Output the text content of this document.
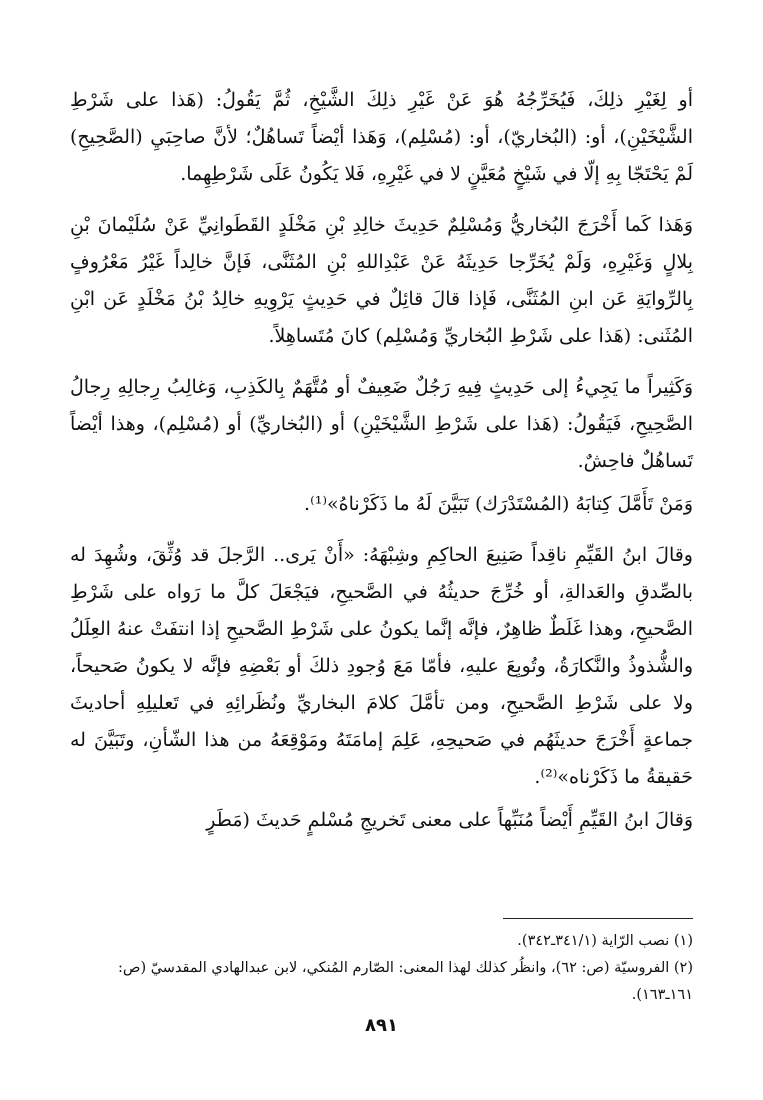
أو لِغَيْرِ ذلِكَ، فَيُخَرِّجُهُ هُوَ عَنْ غَيْرِ ذلِكَ الشَّيْخِ، ثُمَّ يَقُولُ: (هَذا على شَرْطِ الشَّيْخَيْنِ)، أو: (البُخاريّ)، أو: (مُسْلِم)، وَهَذا أيْضاً تَساهُلٌ؛ لأنَّ صاحِبَيِ (الصَّحِيحِ) لَمْ يَحْتَجّا بِهِ إلّا في شَيْخٍ مُعَيَّنٍ لا في غَيْرِهِ، فَلا يَكُونُ عَلَى شَرْطِهِما.

وَهَذا كَما أَخْرَجَ البُخاريُّ وَمُسْلِمٌ حَدِيثَ خالِدِ بْنِ مَخْلَدٍ القَطَوانِيِّ عَنْ سُلَيْمانَ بْنِ بِلالٍ وَغَيْرِهِ، وَلَمْ يُخَرِّجا حَدِيثَهُ عَنْ عَبْدِاللهِ بْنِ المُثَنَّى، فَإنَّ خالِداً غَيْرُ مَعْرُوفٍ بِالرِّوايَةِ عَن ابنِ المُثَنَّى، فَإذا قالَ قائِلٌ في حَدِيثٍ يَرْوِيهِ خالِدُ بْنُ مَخْلَدٍ عَن ابْنِ المُثَنى: (هَذا على شَرْطِ البُخاريِّ وَمُسْلِم) كانَ مُتَساهِلاً.

وَكَثِيراً ما يَجِيءُ إلى حَدِيثٍ فِيهِ رَجُلٌ ضَعِيفٌ أو مُتَّهَمٌ بِالكَذِبِ، وَغالِبُ رِجالِهِ رِجالُ الصَّحِيحِ، فَيَقُولُ: (هَذا على شَرْطِ الشَّيْخَيْنِ) أو (البُخاريِّ) أو (مُسْلِم)، وهذا أيْضاً تَساهُلٌ فاحِشٌ.

وَمَنْ تَأَمَّلَ كِتابَهُ (المُسْتَدْرَك) تَبَيَّنَ لَهُ ما ذَكَرْناهُ»⁽¹⁾.

وقالَ ابنُ القَيِّمِ ناقِداً صَنِيعَ الحاكِمِ وشِبْهَهُ: «أَنْ يَرى.. الرَّجلَ قد وُثِّقَ، وشُهِدَ له بالصِّدقِ والعَدالةِ، أو خُرِّجَ حديثُهُ في الصَّحيحِ، فيَجْعَلَ كلَّ ما رَواه على شَرْطِ الصَّحيحِ، وهذا غَلَطٌ ظاهِرٌ، فإنَّه إنَّما يكونُ على شَرْطِ الصَّحيحِ إذا انتفَتْ عنهُ العِلَلُ والشُّذوذُ والنَّكارَةُ، وتُوبِعَ عليهِ، فأمّا مَعَ وُجودِ ذلكَ أو بَعْضِهِ فإنَّه لا يكونُ صَحيحاً، ولا على شَرْطِ الصَّحيحِ، ومن تأمَّلَ كلامَ البخاريِّ ونُظَرائِهِ في تَعليلِهِ أحاديثَ جماعةٍ أَخْرَجَ حديثَهُم في صَحيحِهِ، عَلِمَ إمامَتَهُ ومَوْقِعَهُ من هذا الشّأنِ، وتَبَيَّنَ له حَقيقةُ ما ذَكَرْناه»⁽²⁾.

وَقالَ ابنُ القَيِّمِ أَيْضاً مُنَبِّهاً على معنى تَخريجِ مُسْلمٍ حَديثَ (مَطَرٍ

(١) نصب الرّاية (٣٤١/١ـ٣٤٢).

(٢) الفروسيّة (ص: ٦٢)، وانظُر كذلك لهذا المعنى: الصّارم المُنكي، لابن عبدالهادي المقدسيّ (ص: ١٦١ـ١٦٣).

٨٩١
